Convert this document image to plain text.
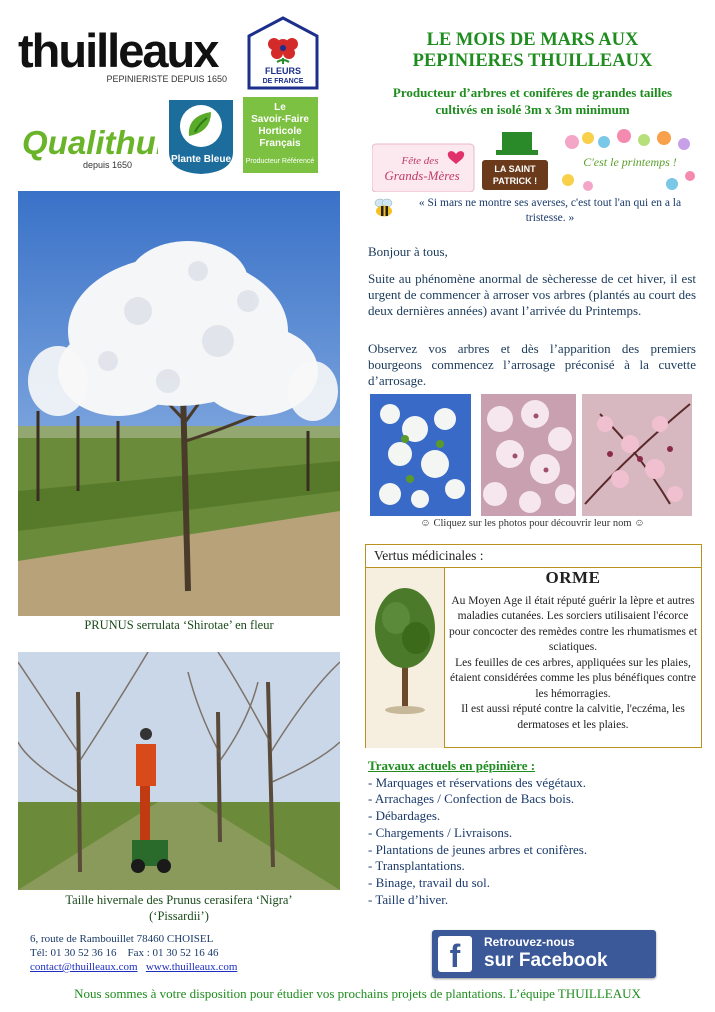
thuilleaux
PEPINIERISTE DEPUIS 1650
FLEURS
DE FRANCE
Qualithui
depuis 1650	Plante Bleue
Le
Savoir-Faire
Horticole
Français
Producteur Référencé
PRUNUS serrulata ‘Shirotae’ en fleur
Taille hivernale des Prunus cerasifera ‘Nigra’
(‘Pissardii’)
LE MOIS DE MARS AUX
PEPINIERES THUILLEAUX
Producteur d’arbres et conifères de grandes tailles
cultivés en isolé 3m x 3m minimum
Fête des
Grands-Mères	LA SAINT
PATRICK !
C'est le printemps !
« Si mars ne montre ses averses, c'est tout l'an qui en a la tristesse. »
Bonjour à tous,
Suite au phénomène anormal de sècheresse de cet hiver, il est urgent de commencer à arroser vos arbres (plantés au court des deux dernières années) avant l’arrivée du Printemps.
Observez vos arbres et dès l’apparition des premiers bourgeons commencez l’arrosage préconisé à la cuvette d’arrosage.
☺ Cliquez sur les photos pour découvrir leur nom ☺
Vertus médicinales :
ORME
Au Moyen Age il était réputé guérir la lèpre et autres maladies cutanées. Les sorciers utilisaient l'écorce pour concocter des remèdes contre les rhumatismes et sciatiques.
Les feuilles de ces arbres, appliquées sur les plaies, étaient considérées comme les plus bénéfiques contre les hémorragies.
Il est aussi réputé contre la calvitie, l'eczéma, les dermatoses et les plaies.
Travaux actuels en pépinière :
- Marquages et réservations des végétaux.
- Arrachages / Confection de Bacs bois.
- Débardages.
- Chargements / Livraisons.
- Plantations de jeunes arbres et conifères.
- Transplantations.
- Binage, travail du sol.
- Taille d’hiver.
6, route de Rambouillet 78460 CHOISEL
Tél: 01 30 52 36 16    Fax : 01 30 52 16 46
contact@thuilleaux.com www.thuilleaux.com	f	Retrouvez-nous
sur Facebook
Nous sommes à votre disposition pour étudier vos prochains projets de plantations. L’équipe THUILLEAUX
